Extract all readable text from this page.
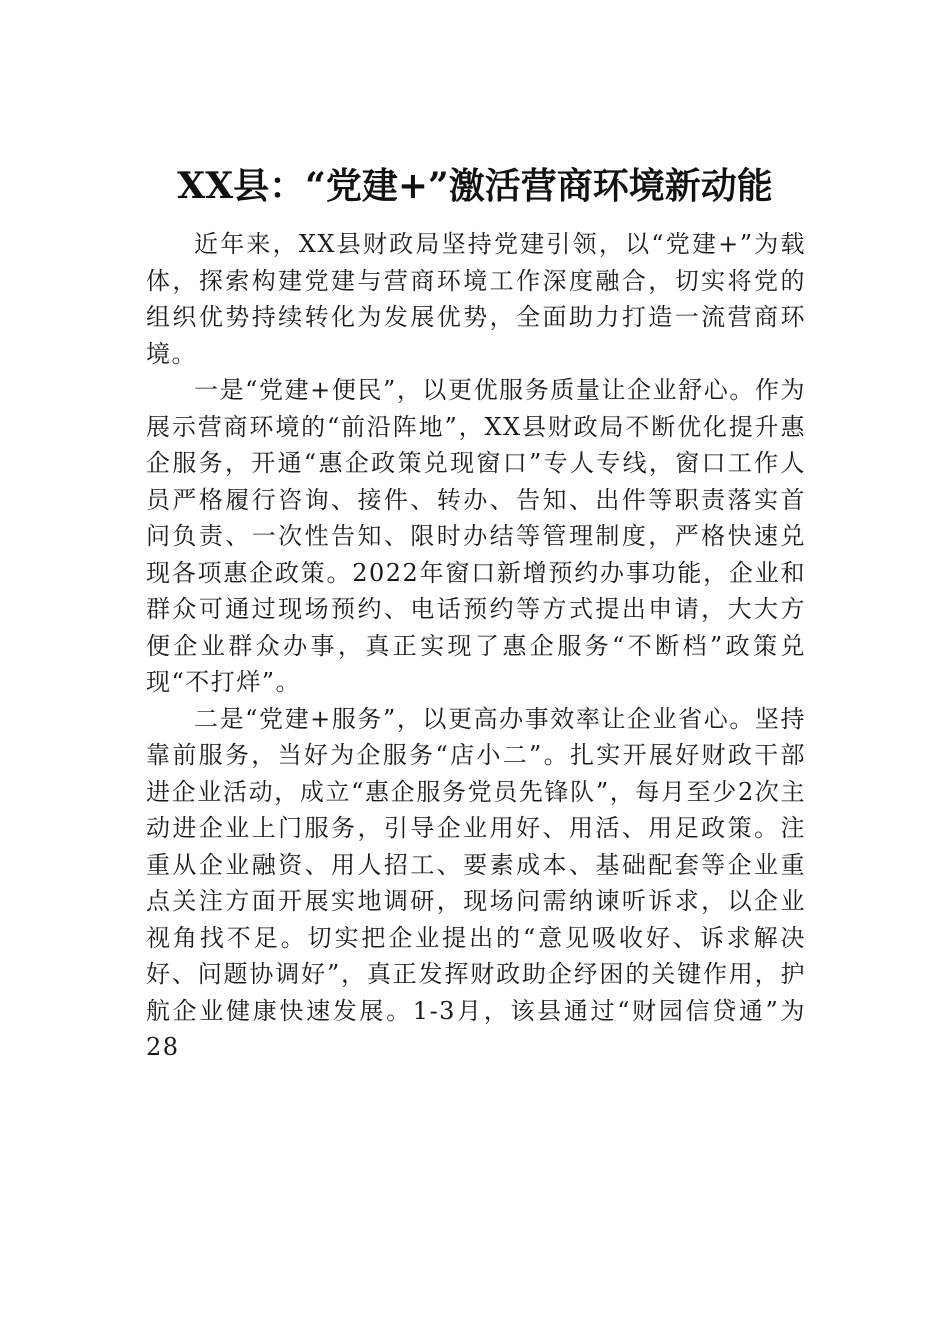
XX县：“党建+”激活营商环境新动能

近年来，XX县财政局坚持党建引领，以“党建+”为载体，探索构建党建与营商环境工作深度融合，切实将党的组织优势持续转化为发展优势，全面助力打造一流营商环境。

一是“党建+便民”，以更优服务质量让企业舒心。作为展示营商环境的“前沿阵地”，XX县财政局不断优化提升惠企服务，开通“惠企政策兑现窗口”专人专线，窗口工作人员严格履行咨询、接件、转办、告知、出件等职责落实首问负责、一次性告知、限时办结等管理制度，严格快速兑现各项惠企政策。2022年窗口新增预约办事功能，企业和群众可通过现场预约、电话预约等方式提出申请，大大方便企业群众办事，真正实现了惠企服务“不断档”政策兑现“不打烊”。

二是“党建+服务”，以更高办事效率让企业省心。坚持靠前服务，当好为企服务“店小二”。扎实开展好财政干部进企业活动，成立“惠企服务党员先锋队”，每月至少2次主动进企业上门服务，引导企业用好、用活、用足政策。注重从企业融资、用人招工、要素成本、基础配套等企业重点关注方面开展实地调研，现场问需纳谏听诉求，以企业视角找不足。切实把企业提出的“意见吸收好、诉求解决好、问题协调好”，真正发挥财政助企纾困的关键作用，护航企业健康快速发展。1-3月，该县通过“财园信贷通”为28
